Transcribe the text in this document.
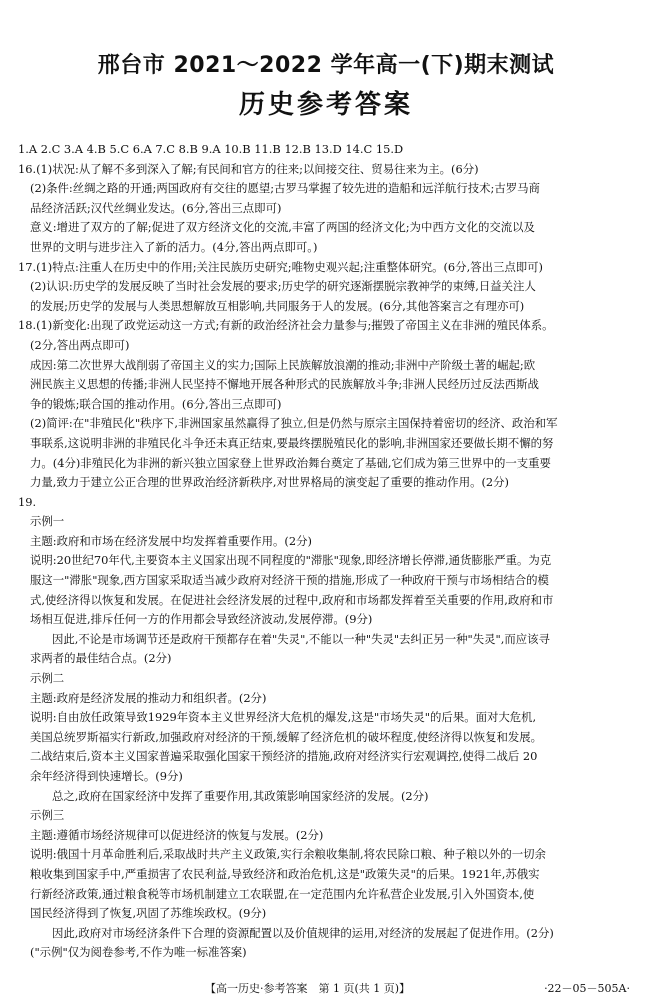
邢台市 2021～2022 学年高一(下)期末测试
历史参考答案
1.A 2.C 3.A 4.B 5.C 6.A 7.C 8.B 9.A 10.B 11.B 12.B 13.D 14.C 15.D
16.(1)状况:从了解不多到深入了解;有民间和官方的往来;以间接交往、贸易往来为主。(6分)
(2)条件:丝绸之路的开通;两国政府有交往的愿望;古罗马掌握了较先进的造船和远洋航行技术;古罗马商
品经济活跃;汉代丝绸业发达。(6分,答出三点即可)
意义:增进了双方的了解;促进了双方经济文化的交流,丰富了两国的经济文化;为中西方文化的交流以及
世界的文明与进步注入了新的活力。(4分,答出两点即可。)
17.(1)特点:注重人在历史中的作用;关注民族历史研究;唯物史观兴起;注重整体研究。(6分,答出三点即可)
(2)认识:历史学的发展反映了当时社会发展的要求;历史学的研究逐渐摆脱宗教神学的束缚,日益关注人
的发展;历史学的发展与人类思想解放互相影响,共同服务于人的发展。(6分,其他答案言之有理亦可)
18.(1)新变化:出现了政党运动这一方式;有新的政治经济社会力量参与;摧毁了帝国主义在非洲的殖民体系。
(2分,答出两点即可)
成因:第二次世界大战削弱了帝国主义的实力;国际上民族解放浪潮的推动;非洲中产阶级土著的崛起;欧
洲民族主义思想的传播;非洲人民坚持不懈地开展各种形式的民族解放斗争;非洲人民经历过反法西斯战
争的锻炼;联合国的推动作用。(6分,答出三点即可)
(2)简评:在"非殖民化"秩序下,非洲国家虽然赢得了独立,但是仍然与原宗主国保持着密切的经济、政治和军
事联系,这说明非洲的非殖民化斗争还未真正结束,要最终摆脱殖民化的影响,非洲国家还要做长期不懈的努
力。(4分)非殖民化为非洲的新兴独立国家登上世界政治舞台奠定了基础,它们成为第三世界中的一支重要
力量,致力于建立公正合理的世界政治经济新秩序,对世界格局的演变起了重要的推动作用。(2分)
19.
示例一
主题:政府和市场在经济发展中均发挥着重要作用。(2分)
说明:20世纪70年代,主要资本主义国家出现不同程度的"滞胀"现象,即经济增长停滞,通货膨胀严重。为克
服这一"滞胀"现象,西方国家采取适当减少政府对经济干预的措施,形成了一种政府干预与市场相结合的模
式,使经济得以恢复和发展。在促进社会经济发展的过程中,政府和市场都发挥着至关重要的作用,政府和市
场相互促进,排斥任何一方的作用都会导致经济波动,发展停滞。(9分)
因此,不论是市场调节还是政府干预都存在着"失灵",不能以一种"失灵"去纠正另一种"失灵",而应该寻
求两者的最佳结合点。(2分)
示例二
主题:政府是经济发展的推动力和组织者。(2分)
说明:自由放任政策导致1929年资本主义世界经济大危机的爆发,这是"市场失灵"的后果。面对大危机,
美国总统罗斯福实行新政,加强政府对经济的干预,缓解了经济危机的破坏程度,使经济得以恢复和发展。
二战结束后,资本主义国家普遍采取强化国家干预经济的措施,政府对经济实行宏观调控,使得二战后 20
余年经济得到快速增长。(9分)
总之,政府在国家经济中发挥了重要作用,其政策影响国家经济的发展。(2分)
示例三
主题:遵循市场经济规律可以促进经济的恢复与发展。(2分)
说明:俄国十月革命胜利后,采取战时共产主义政策,实行余粮收集制,将农民除口粮、种子粮以外的一切余
粮收集到国家手中,严重损害了农民利益,导致经济和政治危机,这是"政策失灵"的后果。1921年,苏俄实
行新经济政策,通过粮食税等市场机制建立工农联盟,在一定范围内允许私营企业发展,引入外国资本,使
国民经济得到了恢复,巩固了苏维埃政权。(9分)
因此,政府对市场经济条件下合理的资源配置以及价值规律的运用,对经济的发展起了促进作用。(2分)
("示例"仅为阅卷参考,不作为唯一标准答案)
【高一历史·参考答案　第 1 页(共 1 页)】	·22－05－505A·
